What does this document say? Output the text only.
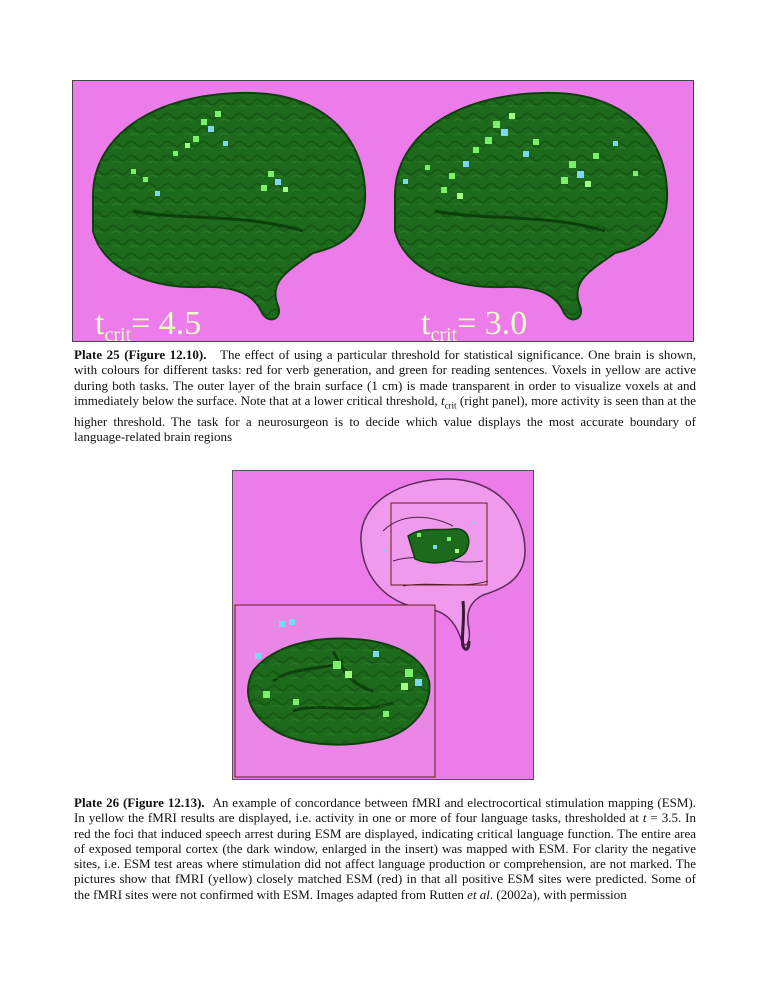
$t_{crit}= 4.5$	$t_{crit}= 3.0$

Plate 25 (Figure 12.10). The effect of using a particular threshold for statistical significance. One brain is shown, with colours for different tasks: red for verb generation, and green for reading sentences. Voxels in yellow are active during both tasks. The outer layer of the brain surface (1 cm) is made transparent in order to visualize voxels at and immediately below the surface. Note that at a lower critical threshold, $t_{crit}$ (right panel), more activity is seen than at the higher threshold. The task for a neurosurgeon is to decide which value displays the most accurate boundary of language-related brain regions

Plate 26 (Figure 12.13). An example of concordance between fMRI and electrocortical stimulation mapping (ESM). In yellow the fMRI results are displayed, i.e. activity in one or more of four language tasks, thresholded at t = 3.5. In red the foci that induced speech arrest during ESM are displayed, indicating critical language function. The entire area of exposed temporal cortex (the dark window, enlarged in the insert) was mapped with ESM. For clarity the negative sites, i.e. ESM test areas where stimulation did not affect language production or comprehension, are not marked. The pictures show that fMRI (yellow) closely matched ESM (red) in that all positive ESM sites were predicted. Some of the fMRI sites were not confirmed with ESM. Images adapted from Rutten et al. (2002a), with permission
